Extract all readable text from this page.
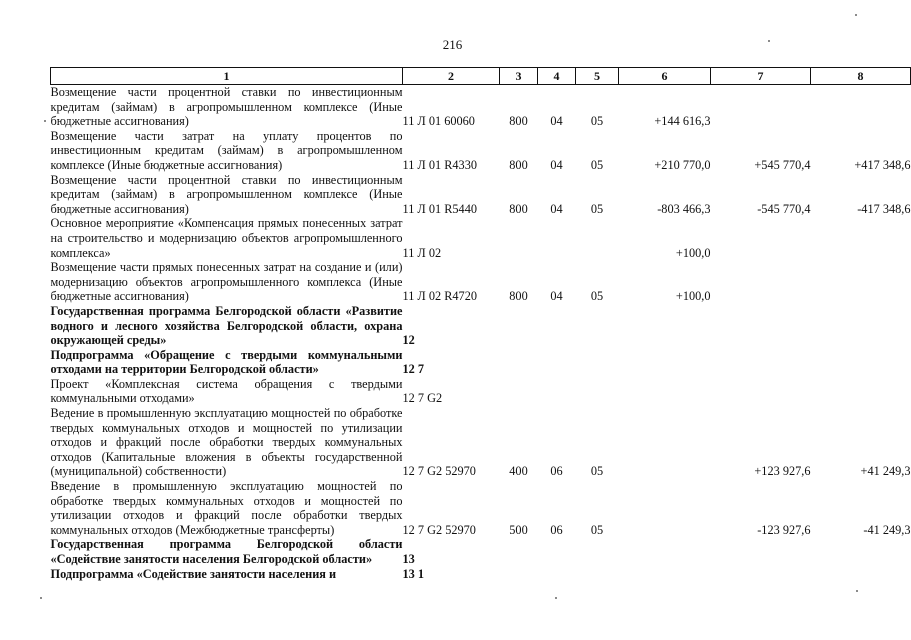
216
1	2	3	4	5	6	7	8
Возмещение части процентной ставки по инвестиционным кредитам (займам) в агропромышленном комплексе (Иные бюджетные ассигнования)	11 Л 01 60060	800	04	05	+144 616,3		
Возмещение части затрат на уплату процентов по инвестиционным кредитам (займам) в агропромышленном комплексе (Иные бюджетные ассигнования)	11 Л 01 R4330	800	04	05	+210 770,0	+545 770,4	+417 348,6
Возмещение части процентной ставки по инвестиционным кредитам (займам) в агропромышленном комплексе (Иные бюджетные ассигнования)	11 Л 01 R5440	800	04	05	-803 466,3	-545 770,4	-417 348,6
Основное мероприятие «Компенсация прямых понесенных затрат на строительство и модернизацию объектов агропромышленного комплекса»	11 Л 02				+100,0		
Возмещение части прямых понесенных затрат на создание и (или) модернизацию объектов агропромышленного комплекса (Иные бюджетные ассигнования)	11 Л 02 R4720	800	04	05	+100,0		
Государственная программа Белгородской области «Развитие водного и лесного хозяйства Белгородской области, охрана окружающей среды»	12						
Подпрограмма «Обращение с твердыми коммунальными отходами на территории Белгородской области»	12 7						
Проект «Комплексная система обращения с твердыми коммунальными отходами»	12 7 G2						
Ведение в промышленную эксплуатацию мощностей по обработке твердых коммунальных отходов и мощностей по утилизации отходов и фракций после обработки твердых коммунальных отходов (Капитальные вложения в объекты государственной (муниципальной) собственности)	12 7 G2 52970	400	06	05		+123 927,6	+41 249,3
Введение в промышленную эксплуатацию мощностей по обработке твердых коммунальных отходов и мощностей по утилизации отходов и фракций после обработки твердых коммунальных отходов (Межбюджетные трансферты)	12 7 G2 52970	500	06	05		-123 927,6	-41 249,3
Государственная программа Белгородской области «Содействие занятости населения Белгородской области»	13						
Подпрограмма «Содействие занятости населения и	13 1						
